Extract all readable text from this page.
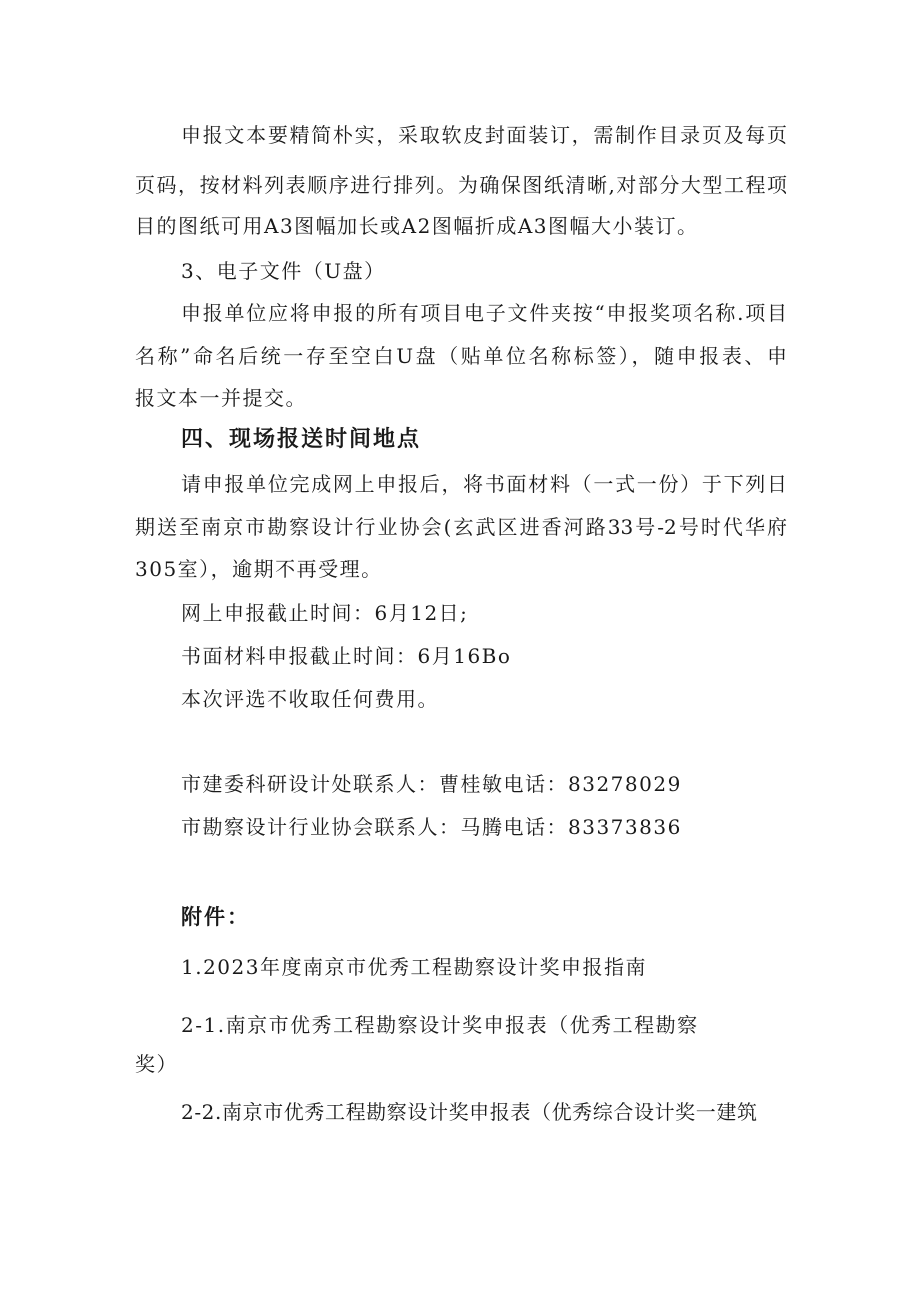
申报文本要精简朴实，采取软皮封面装订，需制作目录页及每页
页码，按材料列表顺序进行排列。为确保图纸清晰,对部分大型工程项
目的图纸可用A3图幅加长或A2图幅折成A3图幅大小装订。
3、电子文件（U盘）
申报单位应将申报的所有项目电子文件夹按“申报奖项名称.项目
名称”命名后统一存至空白U盘（贴单位名称标签），随申报表、申
报文本一并提交。
四、现场报送时间地点
请申报单位完成网上申报后，将书面材料（一式一份）于下列日
期送至南京市勘察设计行业协会(玄武区进香河路33号-2号时代华府
305室），逾期不再受理。
网上申报截止时间：6月12日;
书面材料申报截止时间：6月16Bo
本次评选不收取任何费用。
市建委科研设计处联系人：曹桂敏电话：83278029
市勘察设计行业协会联系人：马腾电话：83373836
附件：
1.2023年度南京市优秀工程勘察设计奖申报指南
2-1.南京市优秀工程勘察设计奖申报表（优秀工程勘察
奖）
2-2.南京市优秀工程勘察设计奖申报表（优秀综合设计奖一建筑
